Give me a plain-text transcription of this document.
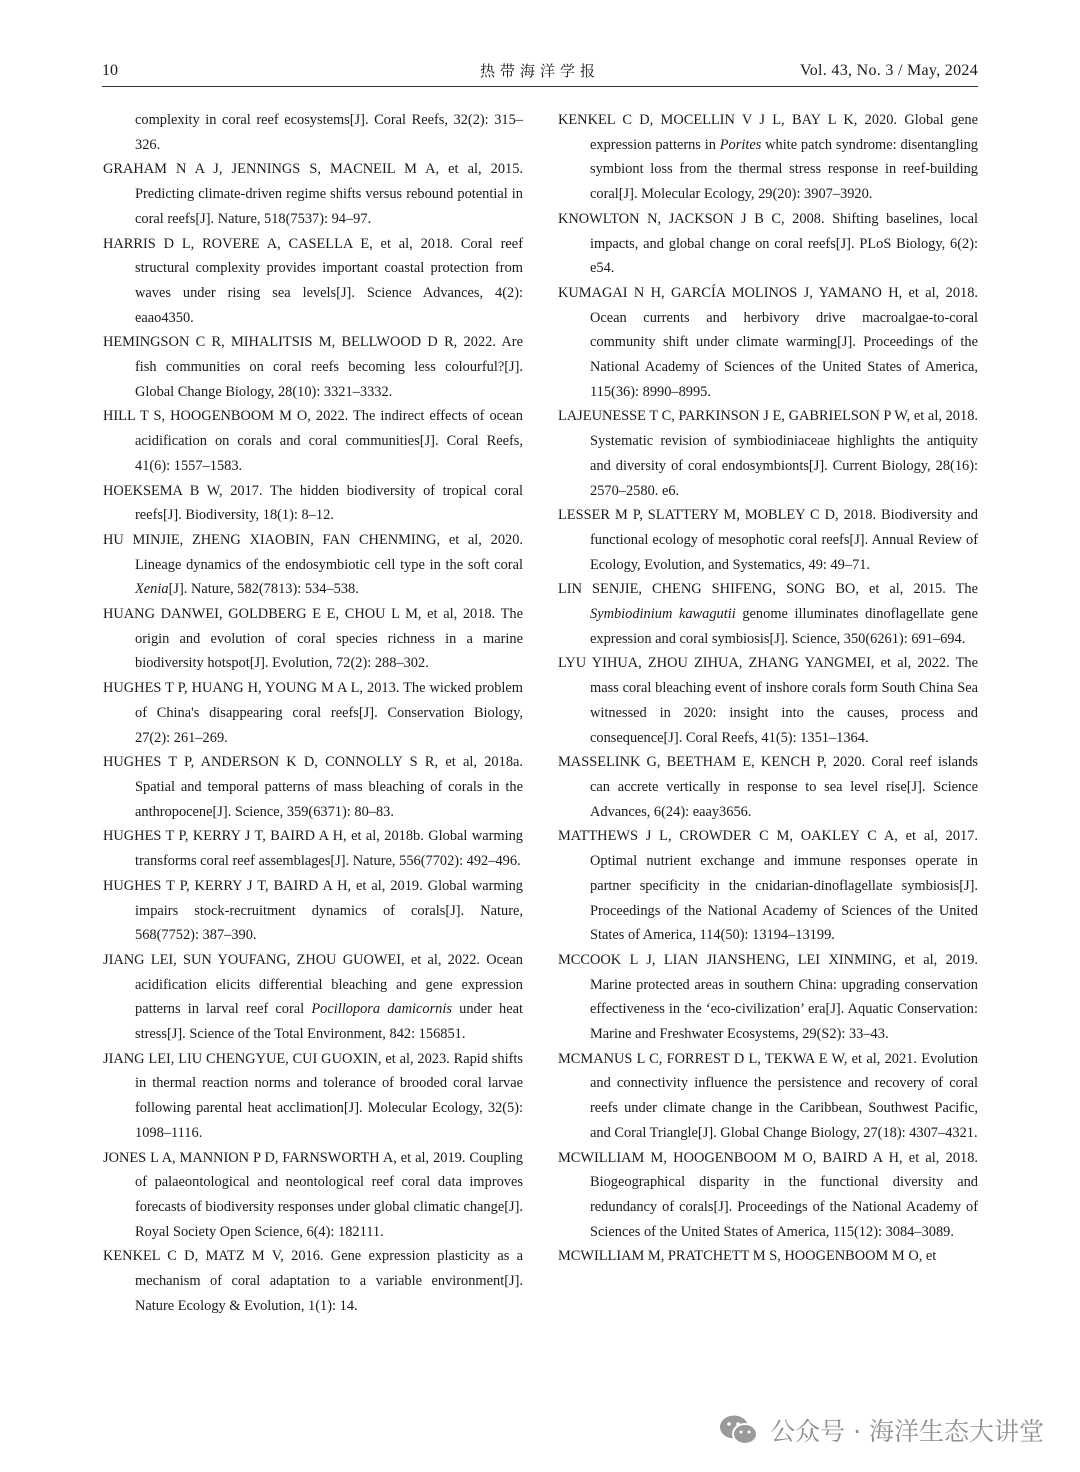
10	热带海洋学报	Vol. 43, No. 3 / May, 2024

complexity in coral reef ecosystems[J]. Coral Reefs, 32(2): 315–326.

GRAHAM N A J, JENNINGS S, MACNEIL M A, et al, 2015. Predicting climate-driven regime shifts versus rebound potential in coral reefs[J]. Nature, 518(7537): 94–97.

HARRIS D L, ROVERE A, CASELLA E, et al, 2018. Coral reef structural complexity provides important coastal protection from waves under rising sea levels[J]. Science Advances, 4(2): eaao4350.

HEMINGSON C R, MIHALITSIS M, BELLWOOD D R, 2022. Are fish communities on coral reefs becoming less colourful?[J]. Global Change Biology, 28(10): 3321–3332.

HILL T S, HOOGENBOOM M O, 2022. The indirect effects of ocean acidification on corals and coral communities[J]. Coral Reefs, 41(6): 1557–1583.

HOEKSEMA B W, 2017. The hidden biodiversity of tropical coral reefs[J]. Biodiversity, 18(1): 8–12.

HU MINJIE, ZHENG XIAOBIN, FAN CHENMING, et al, 2020. Lineage dynamics of the endosymbiotic cell type in the soft coral Xenia[J]. Nature, 582(7813): 534–538.

HUANG DANWEI, GOLDBERG E E, CHOU L M, et al, 2018. The origin and evolution of coral species richness in a marine biodiversity hotspot[J]. Evolution, 72(2): 288–302.

HUGHES T P, HUANG H, YOUNG M A L, 2013. The wicked problem of China's disappearing coral reefs[J]. Conservation Biology, 27(2): 261–269.

HUGHES T P, ANDERSON K D, CONNOLLY S R, et al, 2018a. Spatial and temporal patterns of mass bleaching of corals in the anthropocene[J]. Science, 359(6371): 80–83.

HUGHES T P, KERRY J T, BAIRD A H, et al, 2018b. Global warming transforms coral reef assemblages[J]. Nature, 556(7702): 492–496.

HUGHES T P, KERRY J T, BAIRD A H, et al, 2019. Global warming impairs stock-recruitment dynamics of corals[J]. Nature, 568(7752): 387–390.

JIANG LEI, SUN YOUFANG, ZHOU GUOWEI, et al, 2022. Ocean acidification elicits differential bleaching and gene expression patterns in larval reef coral Pocillopora damicornis under heat stress[J]. Science of the Total Environment, 842: 156851.

JIANG LEI, LIU CHENGYUE, CUI GUOXIN, et al, 2023. Rapid shifts in thermal reaction norms and tolerance of brooded coral larvae following parental heat acclimation[J]. Molecular Ecology, 32(5): 1098–1116.

JONES L A, MANNION P D, FARNSWORTH A, et al, 2019. Coupling of palaeontological and neontological reef coral data improves forecasts of biodiversity responses under global climatic change[J]. Royal Society Open Science, 6(4): 182111.

KENKEL C D, MATZ M V, 2016. Gene expression plasticity as a mechanism of coral adaptation to a variable environment[J]. Nature Ecology & Evolution, 1(1): 14.

KENKEL C D, MOCELLIN V J L, BAY L K, 2020. Global gene expression patterns in Porites white patch syndrome: disentangling symbiont loss from the thermal stress response in reef-building coral[J]. Molecular Ecology, 29(20): 3907–3920.

KNOWLTON N, JACKSON J B C, 2008. Shifting baselines, local impacts, and global change on coral reefs[J]. PLoS Biology, 6(2): e54.

KUMAGAI N H, GARCÍA MOLINOS J, YAMANO H, et al, 2018. Ocean currents and herbivory drive macroalgae-to-coral community shift under climate warming[J]. Proceedings of the National Academy of Sciences of the United States of America, 115(36): 8990–8995.

LAJEUNESSE T C, PARKINSON J E, GABRIELSON P W, et al, 2018. Systematic revision of symbiodiniaceae highlights the antiquity and diversity of coral endosymbionts[J]. Current Biology, 28(16): 2570–2580. e6.

LESSER M P, SLATTERY M, MOBLEY C D, 2018. Biodiversity and functional ecology of mesophotic coral reefs[J]. Annual Review of Ecology, Evolution, and Systematics, 49: 49–71.

LIN SENJIE, CHENG SHIFENG, SONG BO, et al, 2015. The Symbiodinium kawagutii genome illuminates dinoflagellate gene expression and coral symbiosis[J]. Science, 350(6261): 691–694.

LYU YIHUA, ZHOU ZIHUA, ZHANG YANGMEI, et al, 2022. The mass coral bleaching event of inshore corals form South China Sea witnessed in 2020: insight into the causes, process and consequence[J]. Coral Reefs, 41(5): 1351–1364.

MASSELINK G, BEETHAM E, KENCH P, 2020. Coral reef islands can accrete vertically in response to sea level rise[J]. Science Advances, 6(24): eaay3656.

MATTHEWS J L, CROWDER C M, OAKLEY C A, et al, 2017. Optimal nutrient exchange and immune responses operate in partner specificity in the cnidarian-dinoflagellate symbiosis[J]. Proceedings of the National Academy of Sciences of the United States of America, 114(50): 13194–13199.

MCCOOK L J, LIAN JIANSHENG, LEI XINMING, et al, 2019. Marine protected areas in southern China: upgrading conservation effectiveness in the ‘eco-civilization’ era[J]. Aquatic Conservation: Marine and Freshwater Ecosystems, 29(S2): 33–43.

MCMANUS L C, FORREST D L, TEKWA E W, et al, 2021. Evolution and connectivity influence the persistence and recovery of coral reefs under climate change in the Caribbean, Southwest Pacific, and Coral Triangle[J]. Global Change Biology, 27(18): 4307–4321.

MCWILLIAM M, HOOGENBOOM M O, BAIRD A H, et al, 2018. Biogeographical disparity in the functional diversity and redundancy of corals[J]. Proceedings of the National Academy of Sciences of the United States of America, 115(12): 3084–3089.

MCWILLIAM M, PRATCHETT M S, HOOGENBOOM M O, et

公众号 · 海洋生态大讲堂
